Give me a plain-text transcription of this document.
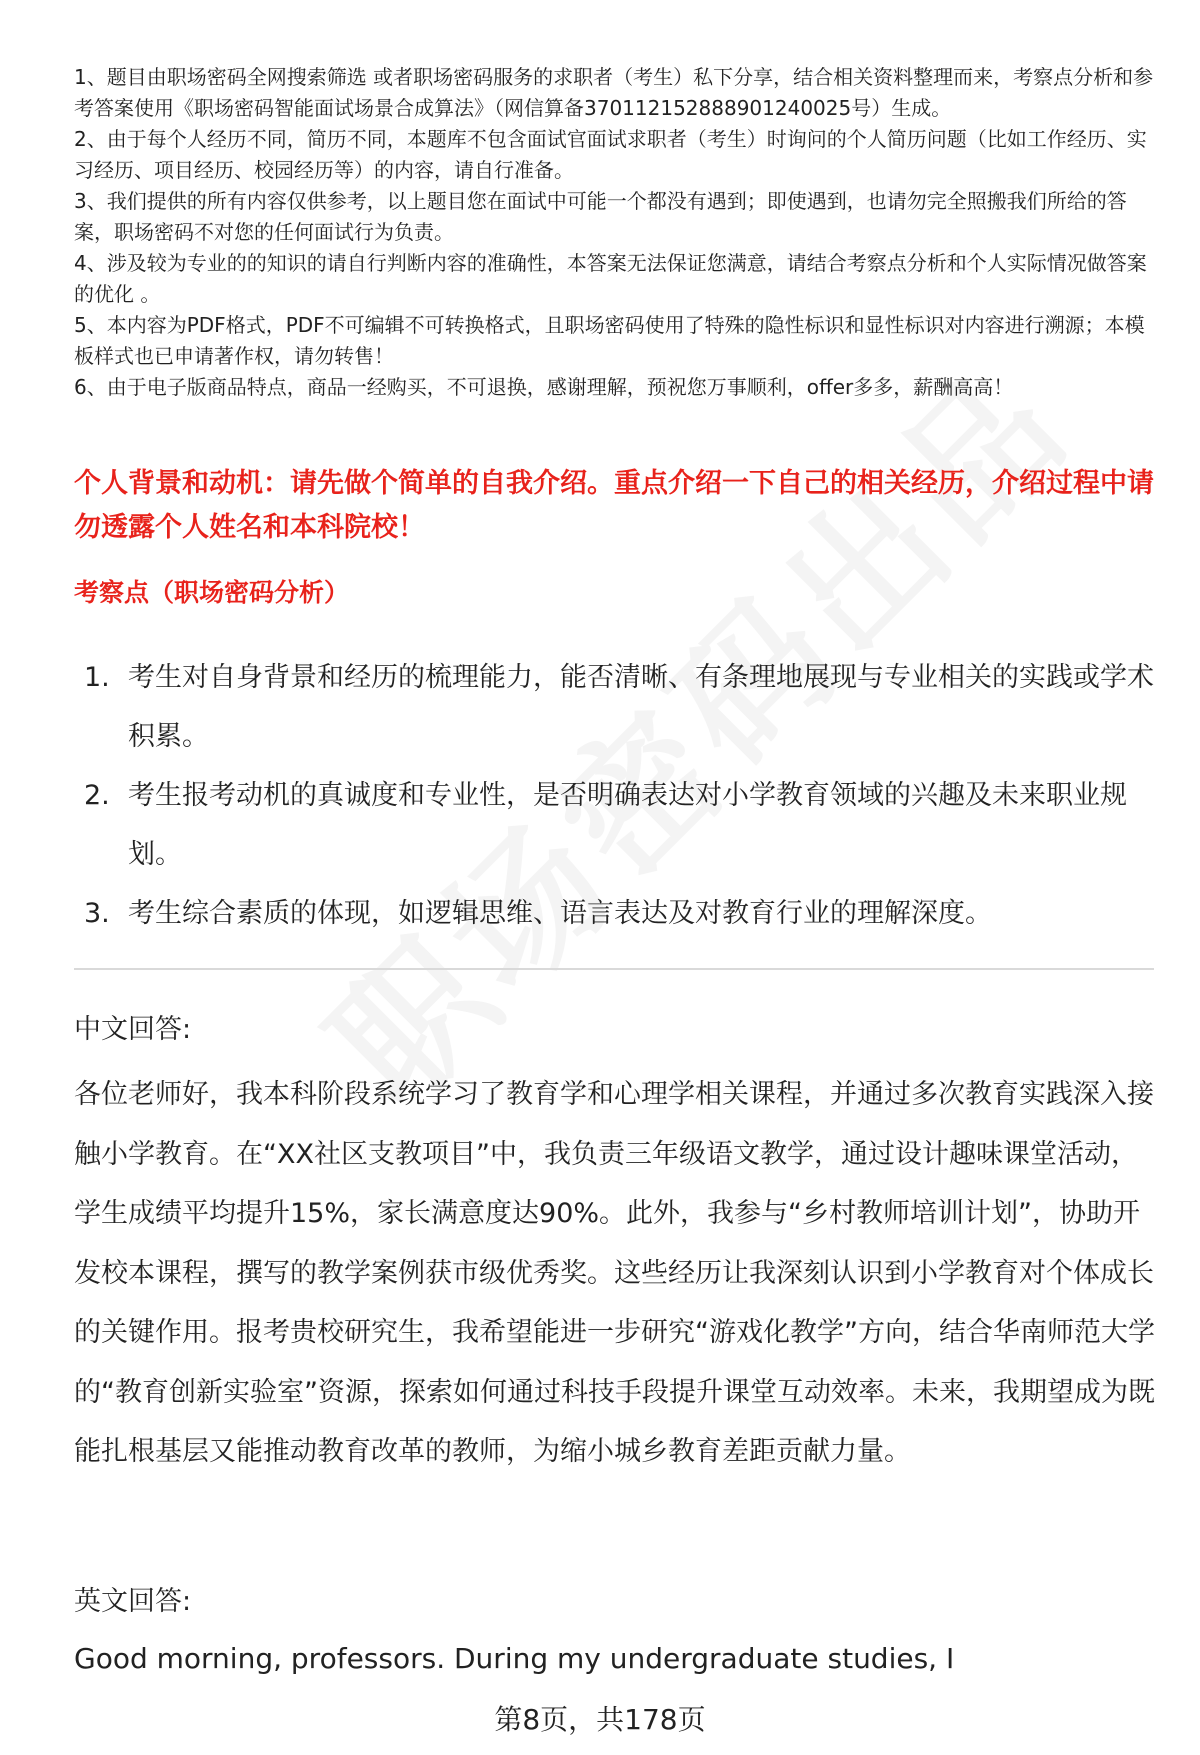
1、题目由职场密码全网搜索筛选 或者职场密码服务的求职者（考生）私下分享，结合相关资料整理而来，考察点分析和参考答案使用《职场密码智能面试场景合成算法》（网信算备370112152888901240025号）生成。

2、由于每个人经历不同，简历不同，本题库不包含面试官面试求职者（考生）时询问的个人简历问题（比如工作经历、实习经历、项目经历、校园经历等）的内容，请自行准备。

3、我们提供的所有内容仅供参考，以上题目您在面试中可能一个都没有遇到；即使遇到，也请勿完全照搬我们所给的答案，职场密码不对您的任何面试行为负责。

4、涉及较为专业的的知识的请自行判断内容的准确性，本答案无法保证您满意，请结合考察点分析和个人实际情况做答案的优化 。

5、本内容为PDF格式，PDF不可编辑不可转换格式，且职场密码使用了特殊的隐性标识和显性标识对内容进行溯源；本模板样式也已申请著作权，请勿转售！

6、由于电子版商品特点，商品一经购买，不可退换，感谢理解，预祝您万事顺利，offer多多，薪酬高高！

个人背景和动机：请先做个简单的自我介绍。重点介绍一下自己的相关经历，介绍过程中请勿透露个人姓名和本科院校！
考察点（职场密码分析）
1. 考生对自身背景和经历的梳理能力，能否清晰、有条理地展现与专业相关的实践或学术积累。
2. 考生报考动机的真诚度和专业性，是否明确表达对小学教育领域的兴趣及未来职业规划。
3. 考生综合素质的体现，如逻辑思维、语言表达及对教育行业的理解深度。
中文回答:

各位老师好，我本科阶段系统学习了教育学和心理学相关课程，并通过多次教育实践深入接触小学教育。在“XX社区支教项目”中，我负责三年级语文教学，通过设计趣味课堂活动，学生成绩平均提升15%，家长满意度达90%。此外，我参与“乡村教师培训计划”，协助开发校本课程，撰写的教学案例获市级优秀奖。这些经历让我深刻认识到小学教育对个体成长的关键作用。报考贵校研究生，我希望能进一步研究“游戏化教学”方向，结合华南师范大学的“教育创新实验室”资源，探索如何通过科技手段提升课堂互动效率。未来，我期望成为既能扎根基层又能推动教育改革的教师，为缩小城乡教育差距贡献力量。

英文回答:

Good morning, professors. During my undergraduate studies, I

第8页，共178页
